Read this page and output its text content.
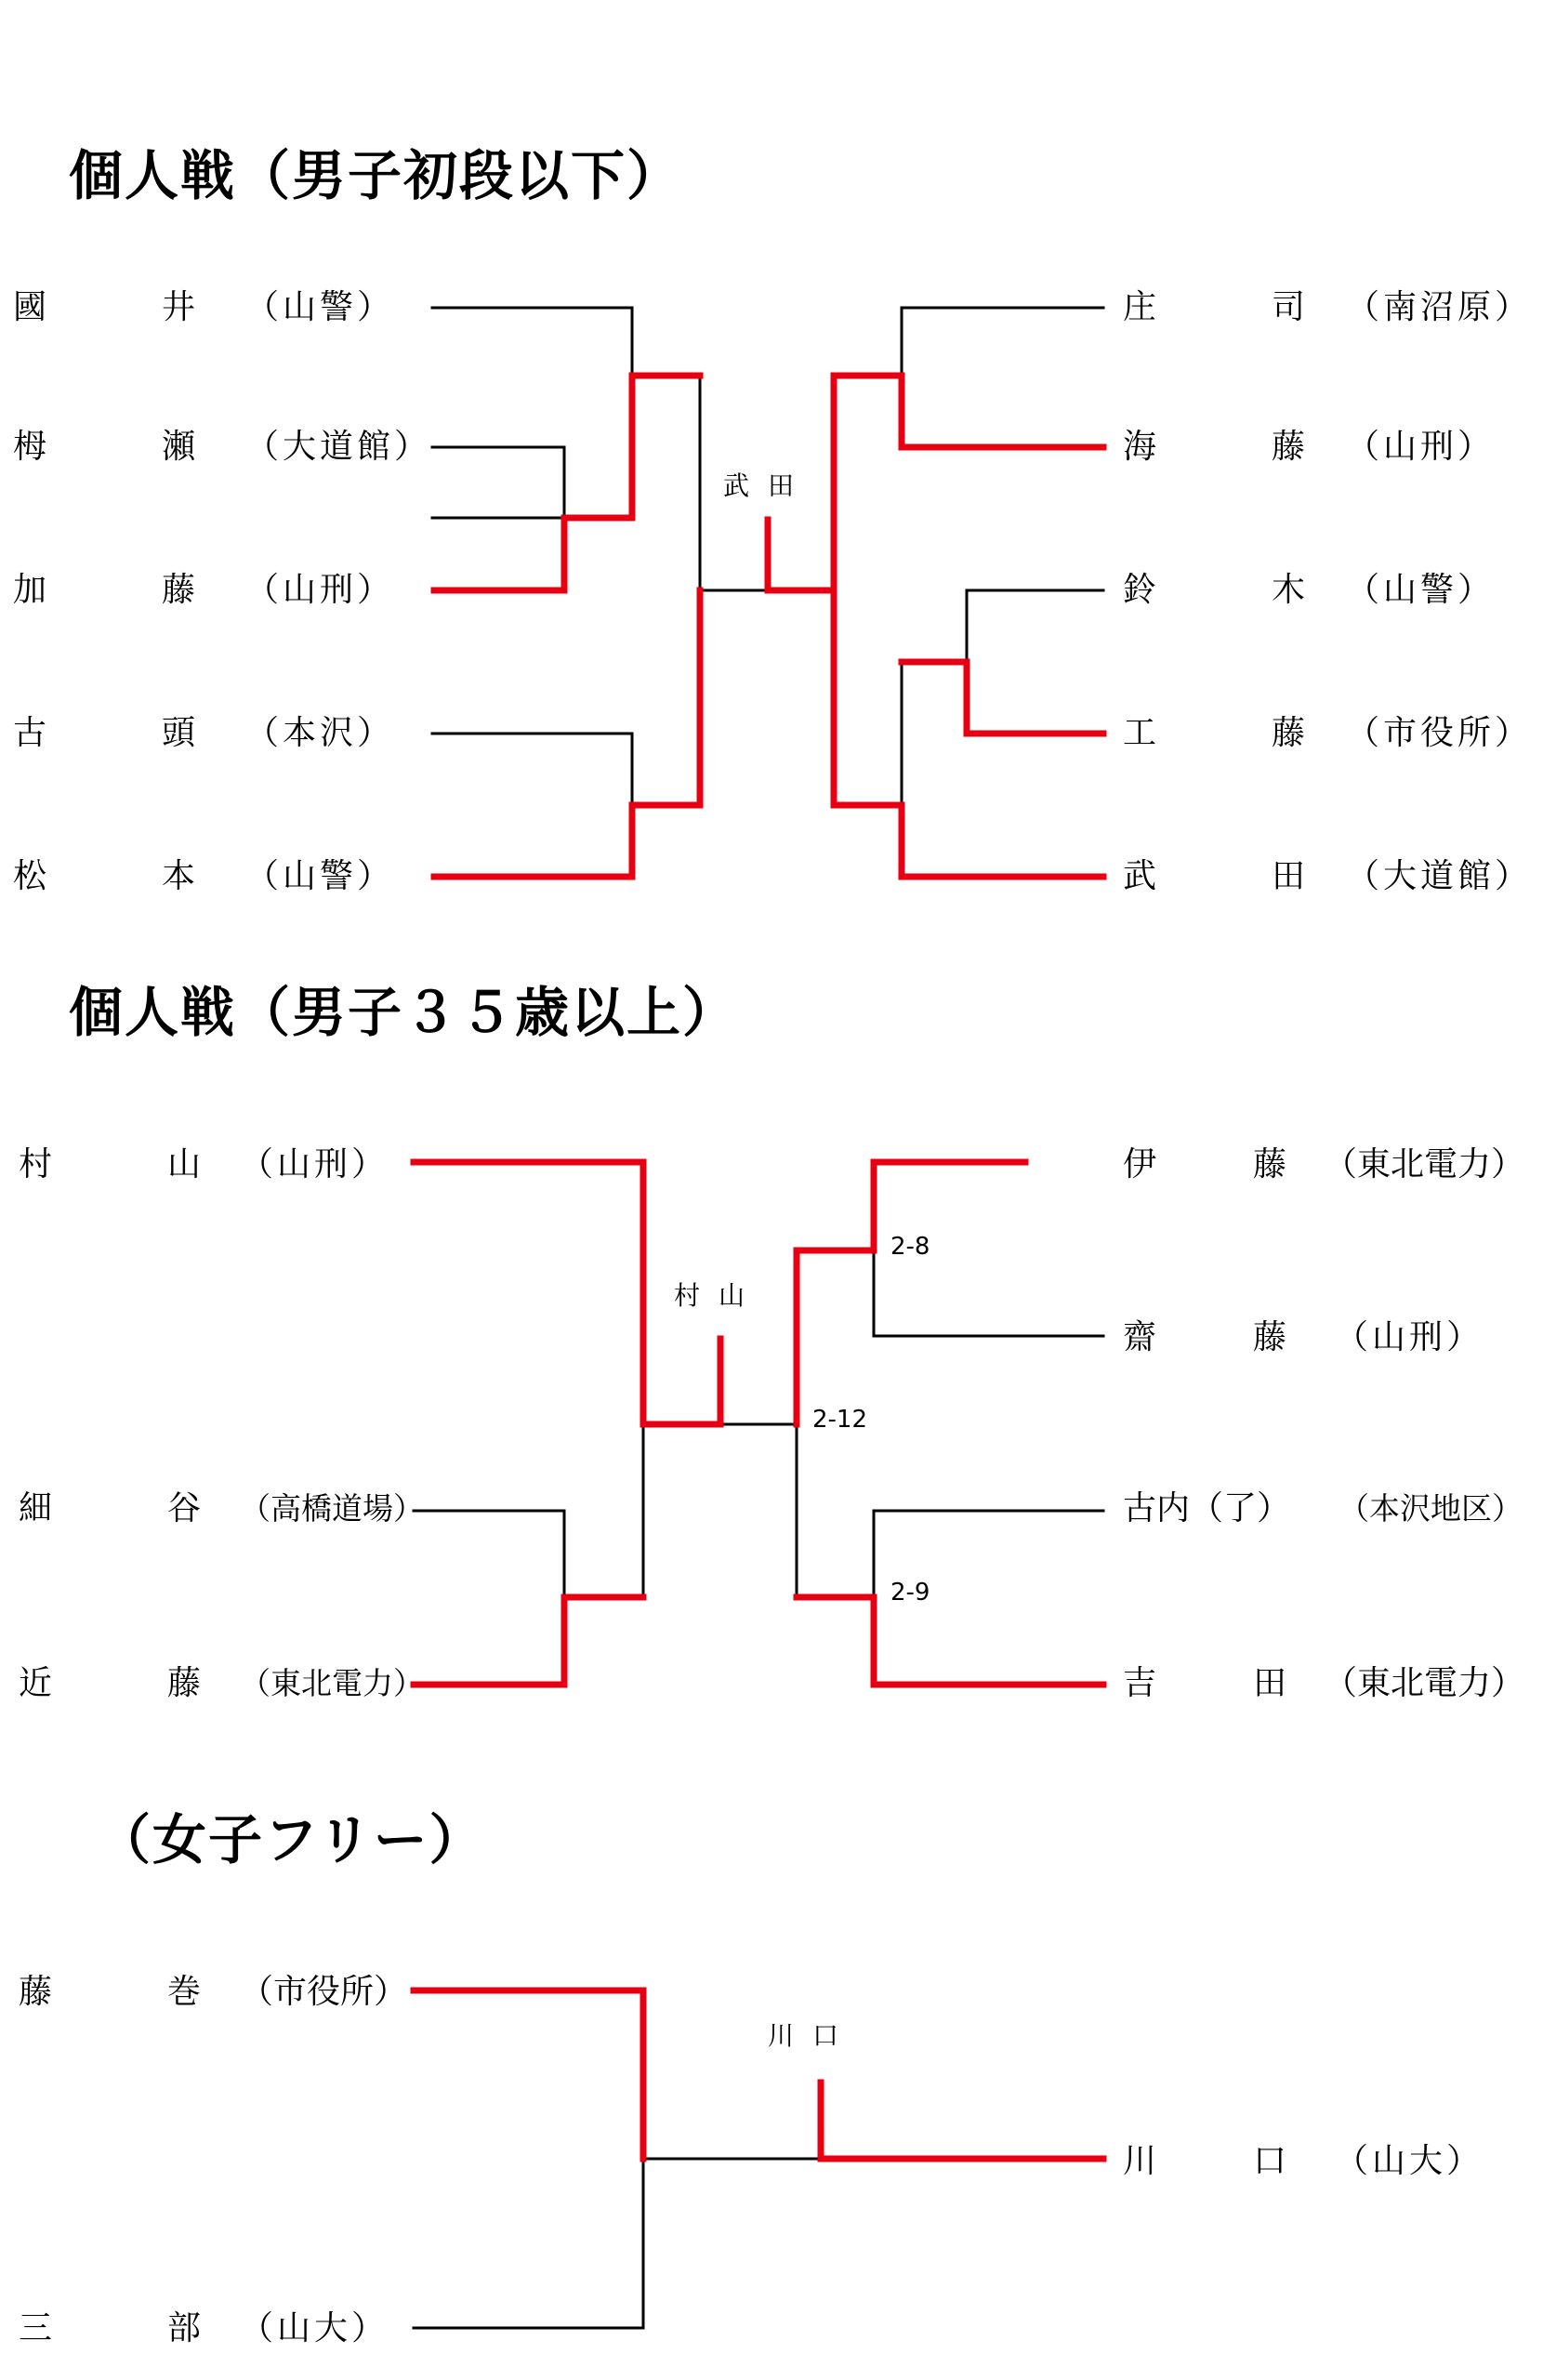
個人戦（男子初段以下）
國	井 （山警）
栂	瀬 （大道館）
加	藤 （山刑）
古	頭 （本沢）
松	本 （山警）
庄	司 （南沼原）
海	藤 （山刑）
鈴	木 （山警）
工	藤 （市役所）
武	田 （大道館）
武田
個人戦（男子３５歳以上）
村	山 （山刑）
細	谷 （高橋道場）
近	藤 （東北電力）
伊	藤 （東北電力）
齋	藤 （山刑）
古内（了） （本沢地区）
吉	田 （東北電力）
村山
2-8
2-12
2-9
（女子フリー）
藤	巻 （市役所）
三	部 （山大）
川	口 （山大）
川口
